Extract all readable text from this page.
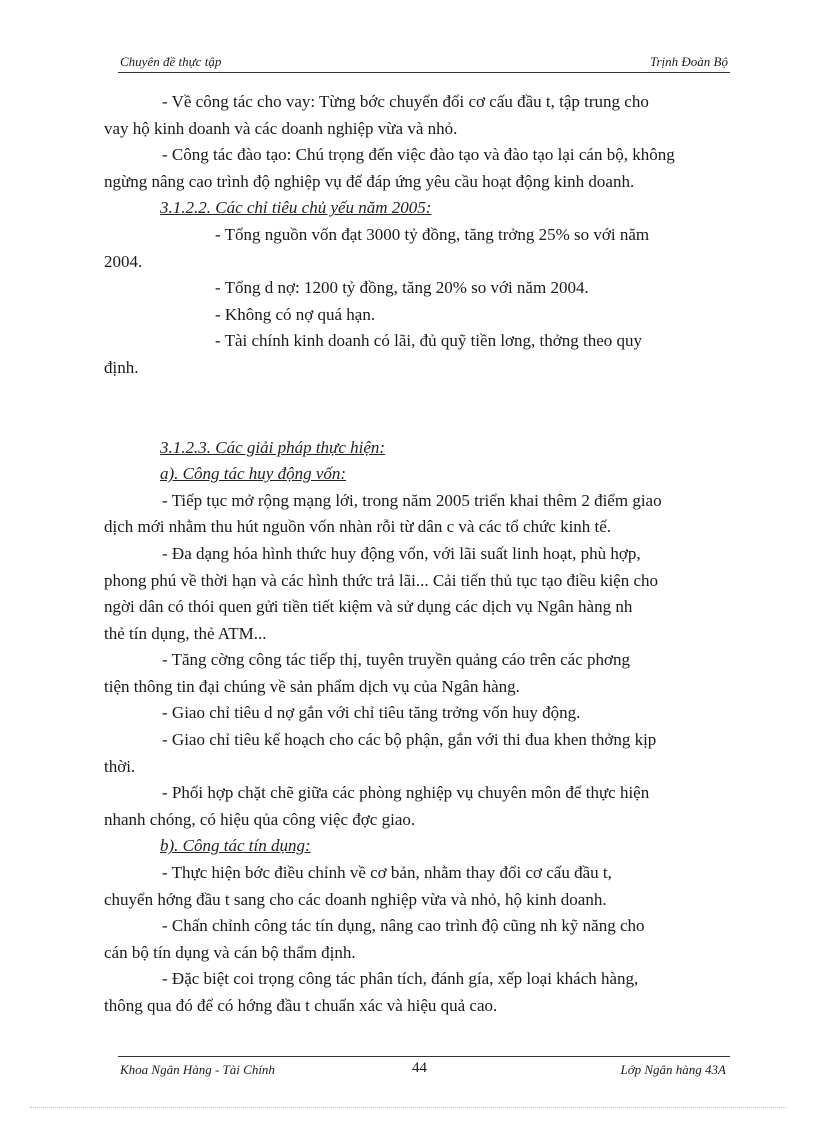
Chuyên đề thực tập	Trịnh Đoàn Bộ

- Về công tác cho vay: Từng bớc chuyển đổi cơ cấu đầu t, tập trung cho

vay hộ kinh doanh và các doanh nghiệp vừa và nhỏ.

- Công tác đào tạo: Chú trọng đến việc đào tạo và đào tạo lại cán bộ, không

ngừng nâng cao trình độ nghiệp vụ để đáp ứng yêu cầu hoạt động kinh doanh.

3.1.2.2. Các chỉ tiêu chủ yếu năm 2005:

- Tổng nguồn vốn đạt 3000 tỷ đồng, tăng trởng 25% so với năm

2004.

- Tổng d nợ: 1200 tỷ đồng, tăng 20% so với năm 2004.

- Không có nợ quá hạn.

- Tài chính kinh doanh có lãi, đủ quỹ tiền lơng, thởng theo quy

định.

3.1.2.3. Các giải pháp thực hiện:

a). Công tác huy động vốn:

- Tiếp tục mở rộng mạng lới, trong năm 2005 triển khai thêm 2 điểm giao

dịch mới nhằm thu hút nguồn vốn nhàn rỗi từ dân c và các tổ chức kinh tế.

- Đa dạng hóa hình thức huy động vốn, với lãi suất linh hoạt, phù hợp,

phong phú về thời hạn và các hình thức trả lãi... Cải tiến thủ tục tạo điều kiện cho

ngời dân có thói quen gửi tiền tiết kiệm và sử dụng các dịch vụ Ngân hàng nh

thẻ tín dụng, thẻ ATM...

- Tăng cờng công tác tiếp thị, tuyên truyền quảng cáo trên các phơng

tiện thông tin đại chúng về sản phẩm dịch vụ của Ngân hàng.

- Giao chỉ tiêu d nợ gắn với chỉ tiêu tăng trởng vốn huy động.

- Giao chỉ tiêu kế hoạch cho các bộ phận, gắn với thi đua khen thởng kịp

thời.

- Phối hợp chặt chẽ giữa các phòng nghiệp vụ chuyên môn để thực hiện

nhanh chóng, có hiệu qủa công việc đợc giao.

b). Công tác tín dụng:

- Thực hiện bớc điều chỉnh về cơ bản, nhằm thay đổi cơ cấu đầu t,

chuyển hớng đầu t sang cho các doanh nghiệp vừa và nhỏ, hộ kinh doanh.

- Chấn chỉnh công tác tín dụng, nâng cao trình độ cũng nh kỹ năng cho

cán bộ tín dụng và cán bộ thẩm định.

- Đặc biệt coi trọng công tác phân tích, đánh gía, xếp loại khách hàng,

thông qua đó để có hớng đầu t chuẩn xác và hiệu quả cao.

Khoa Ngân Hàng - Tài Chính	44	Lớp Ngân hàng 43A
